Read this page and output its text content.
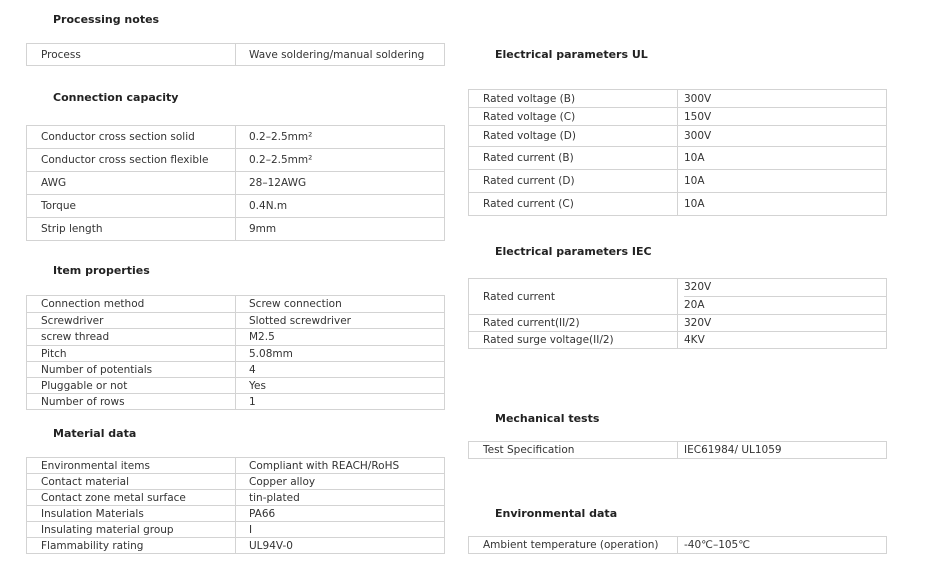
Processing notes
Process	Wave soldering/manual soldering
Connection capacity
Conductor cross section solid	0.2–2.5mm²
Conductor cross section flexible	0.2–2.5mm²
AWG	28–12AWG
Torque	0.4N.m
Strip length	9mm
Item properties
Connection method	Screw connection
Screwdriver	Slotted screwdriver
screw thread	M2.5
Pitch	5.08mm
Number of potentials	4
Pluggable or not	Yes
Number of rows	1
Material data
Environmental items	Compliant with REACH/RoHS
Contact material	Copper alloy
Contact zone metal surface	tin-plated
Insulation Materials	PA66
Insulating material group	I
Flammability rating	UL94V-0
Electrical parameters UL
Rated voltage (B)	300V
Rated voltage (C)	150V
Rated voltage (D)	300V
Rated current (B)	10A
Rated current (D)	10A
Rated current (C)	10A
Electrical parameters IEC
Rated current	320V
20A

Rated current(II/2)	320V
Rated surge voltage(II/2)	4KV
Mechanical tests
Test Specification	IEC61984/ UL1059
Environmental data
Ambient temperature (operation)	-40℃–105℃
